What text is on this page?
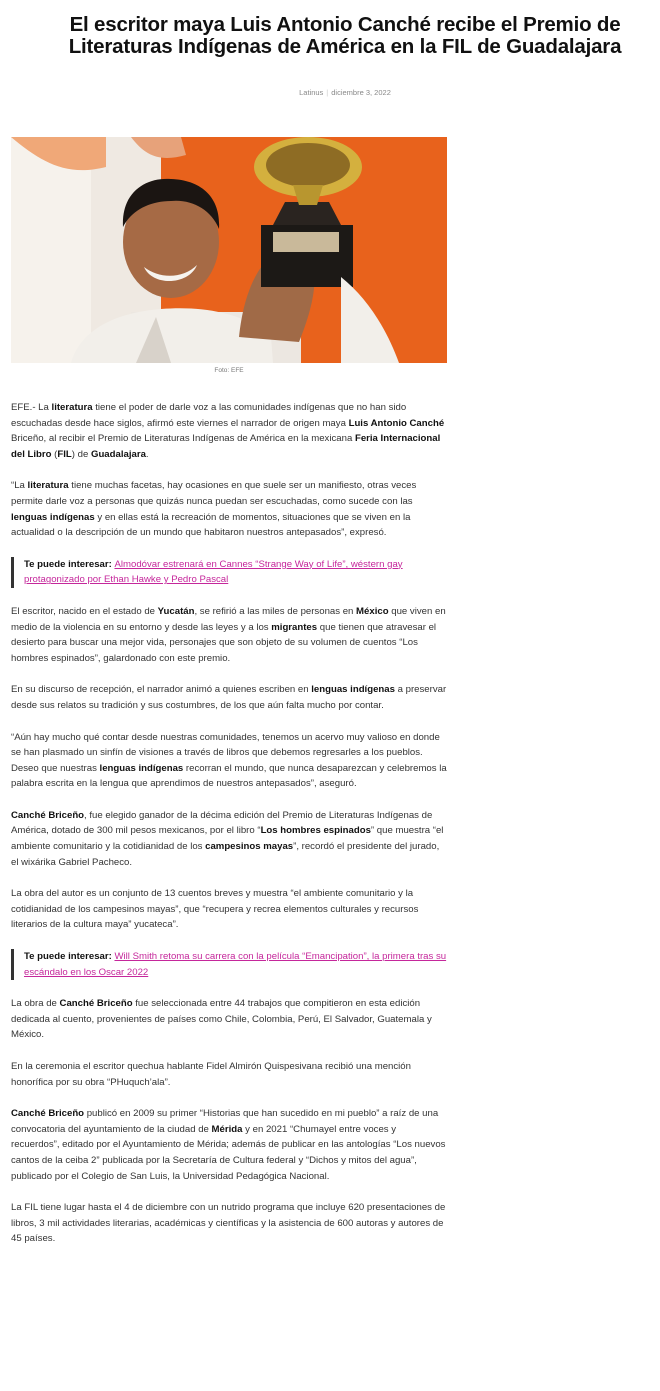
El escritor maya Luis Antonio Canché recibe el Premio de Literaturas Indígenas de América en la FIL de Guadalajara
Latinus | diciembre 3, 2022
Foto: EFE

EFE.- La literatura tiene el poder de darle voz a las comunidades indígenas que no han sido escuchadas desde hace siglos, afirmó este viernes el narrador de origen maya Luis Antonio Canché Briceño, al recibir el Premio de Literaturas Indígenas de América en la mexicana Feria Internacional del Libro (FIL) de Guadalajara.

“La literatura tiene muchas facetas, hay ocasiones en que suele ser un manifiesto, otras veces permite darle voz a personas que quizás nunca puedan ser escuchadas, como sucede con las lenguas indígenas y en ellas está la recreación de momentos, situaciones que se viven en la actualidad o la descripción de un mundo que habitaron nuestros antepasados”, expresó.

Te puede interesar: Almodóvar estrenará en Cannes “Strange Way of Life”, wéstern gay protagonizado por Ethan Hawke y Pedro Pascal

El escritor, nacido en el estado de Yucatán, se refirió a las miles de personas en México que viven en medio de la violencia en su entorno y desde las leyes y a los migrantes que tienen que atravesar el desierto para buscar una mejor vida, personajes que son objeto de su volumen de cuentos “Los hombres espinados”, galardonado con este premio.

En su discurso de recepción, el narrador animó a quienes escriben en lenguas indígenas a preservar desde sus relatos su tradición y sus costumbres, de los que aún falta mucho por contar.

“Aún hay mucho qué contar desde nuestras comunidades, tenemos un acervo muy valioso en donde se han plasmado un sinfín de visiones a través de libros que debemos regresarles a los pueblos. Deseo que nuestras lenguas indígenas recorran el mundo, que nunca desaparezcan y celebremos la palabra escrita en la lengua que aprendimos de nuestros antepasados”, aseguró.

Canché Briceño, fue elegido ganador de la décima edición del Premio de Literaturas Indígenas de América, dotado de 300 mil pesos mexicanos, por el libro “Los hombres espinados” que muestra “el ambiente comunitario y la cotidianidad de los campesinos mayas”, recordó el presidente del jurado, el wixárika Gabriel Pacheco.

La obra del autor es un conjunto de 13 cuentos breves y muestra “el ambiente comunitario y la cotidianidad de los campesinos mayas”, que “recupera y recrea elementos culturales y recursos literarios de la cultura maya” yucateca”.

Te puede interesar: Will Smith retoma su carrera con la película “Emancipation”, la primera tras su escándalo en los Oscar 2022

La obra de Canché Briceño fue seleccionada entre 44 trabajos que compitieron en esta edición dedicada al cuento, provenientes de países como Chile, Colombia, Perú, El Salvador, Guatemala y México.

En la ceremonia el escritor quechua hablante Fidel Almirón Quispesivana recibió una mención honorífica por su obra “PHuquch’ala”.

Canché Briceño publicó en 2009 su primer “Historias que han sucedido en mi pueblo” a raíz de una convocatoria del ayuntamiento de la ciudad de Mérida y en 2021 “Chumayel entre voces y recuerdos”, editado por el Ayuntamiento de Mérida; además de publicar en las antologías “Los nuevos cantos de la ceiba 2” publicada por la Secretaría de Cultura federal y “Dichos y mitos del agua”, publicado por el Colegio de San Luis, la Universidad Pedagógica Nacional.

La FIL tiene lugar hasta el 4 de diciembre con un nutrido programa que incluye 620 presentaciones de libros, 3 mil actividades literarias, académicas y científicas y la asistencia de 600 autoras y autores de 45 países.
